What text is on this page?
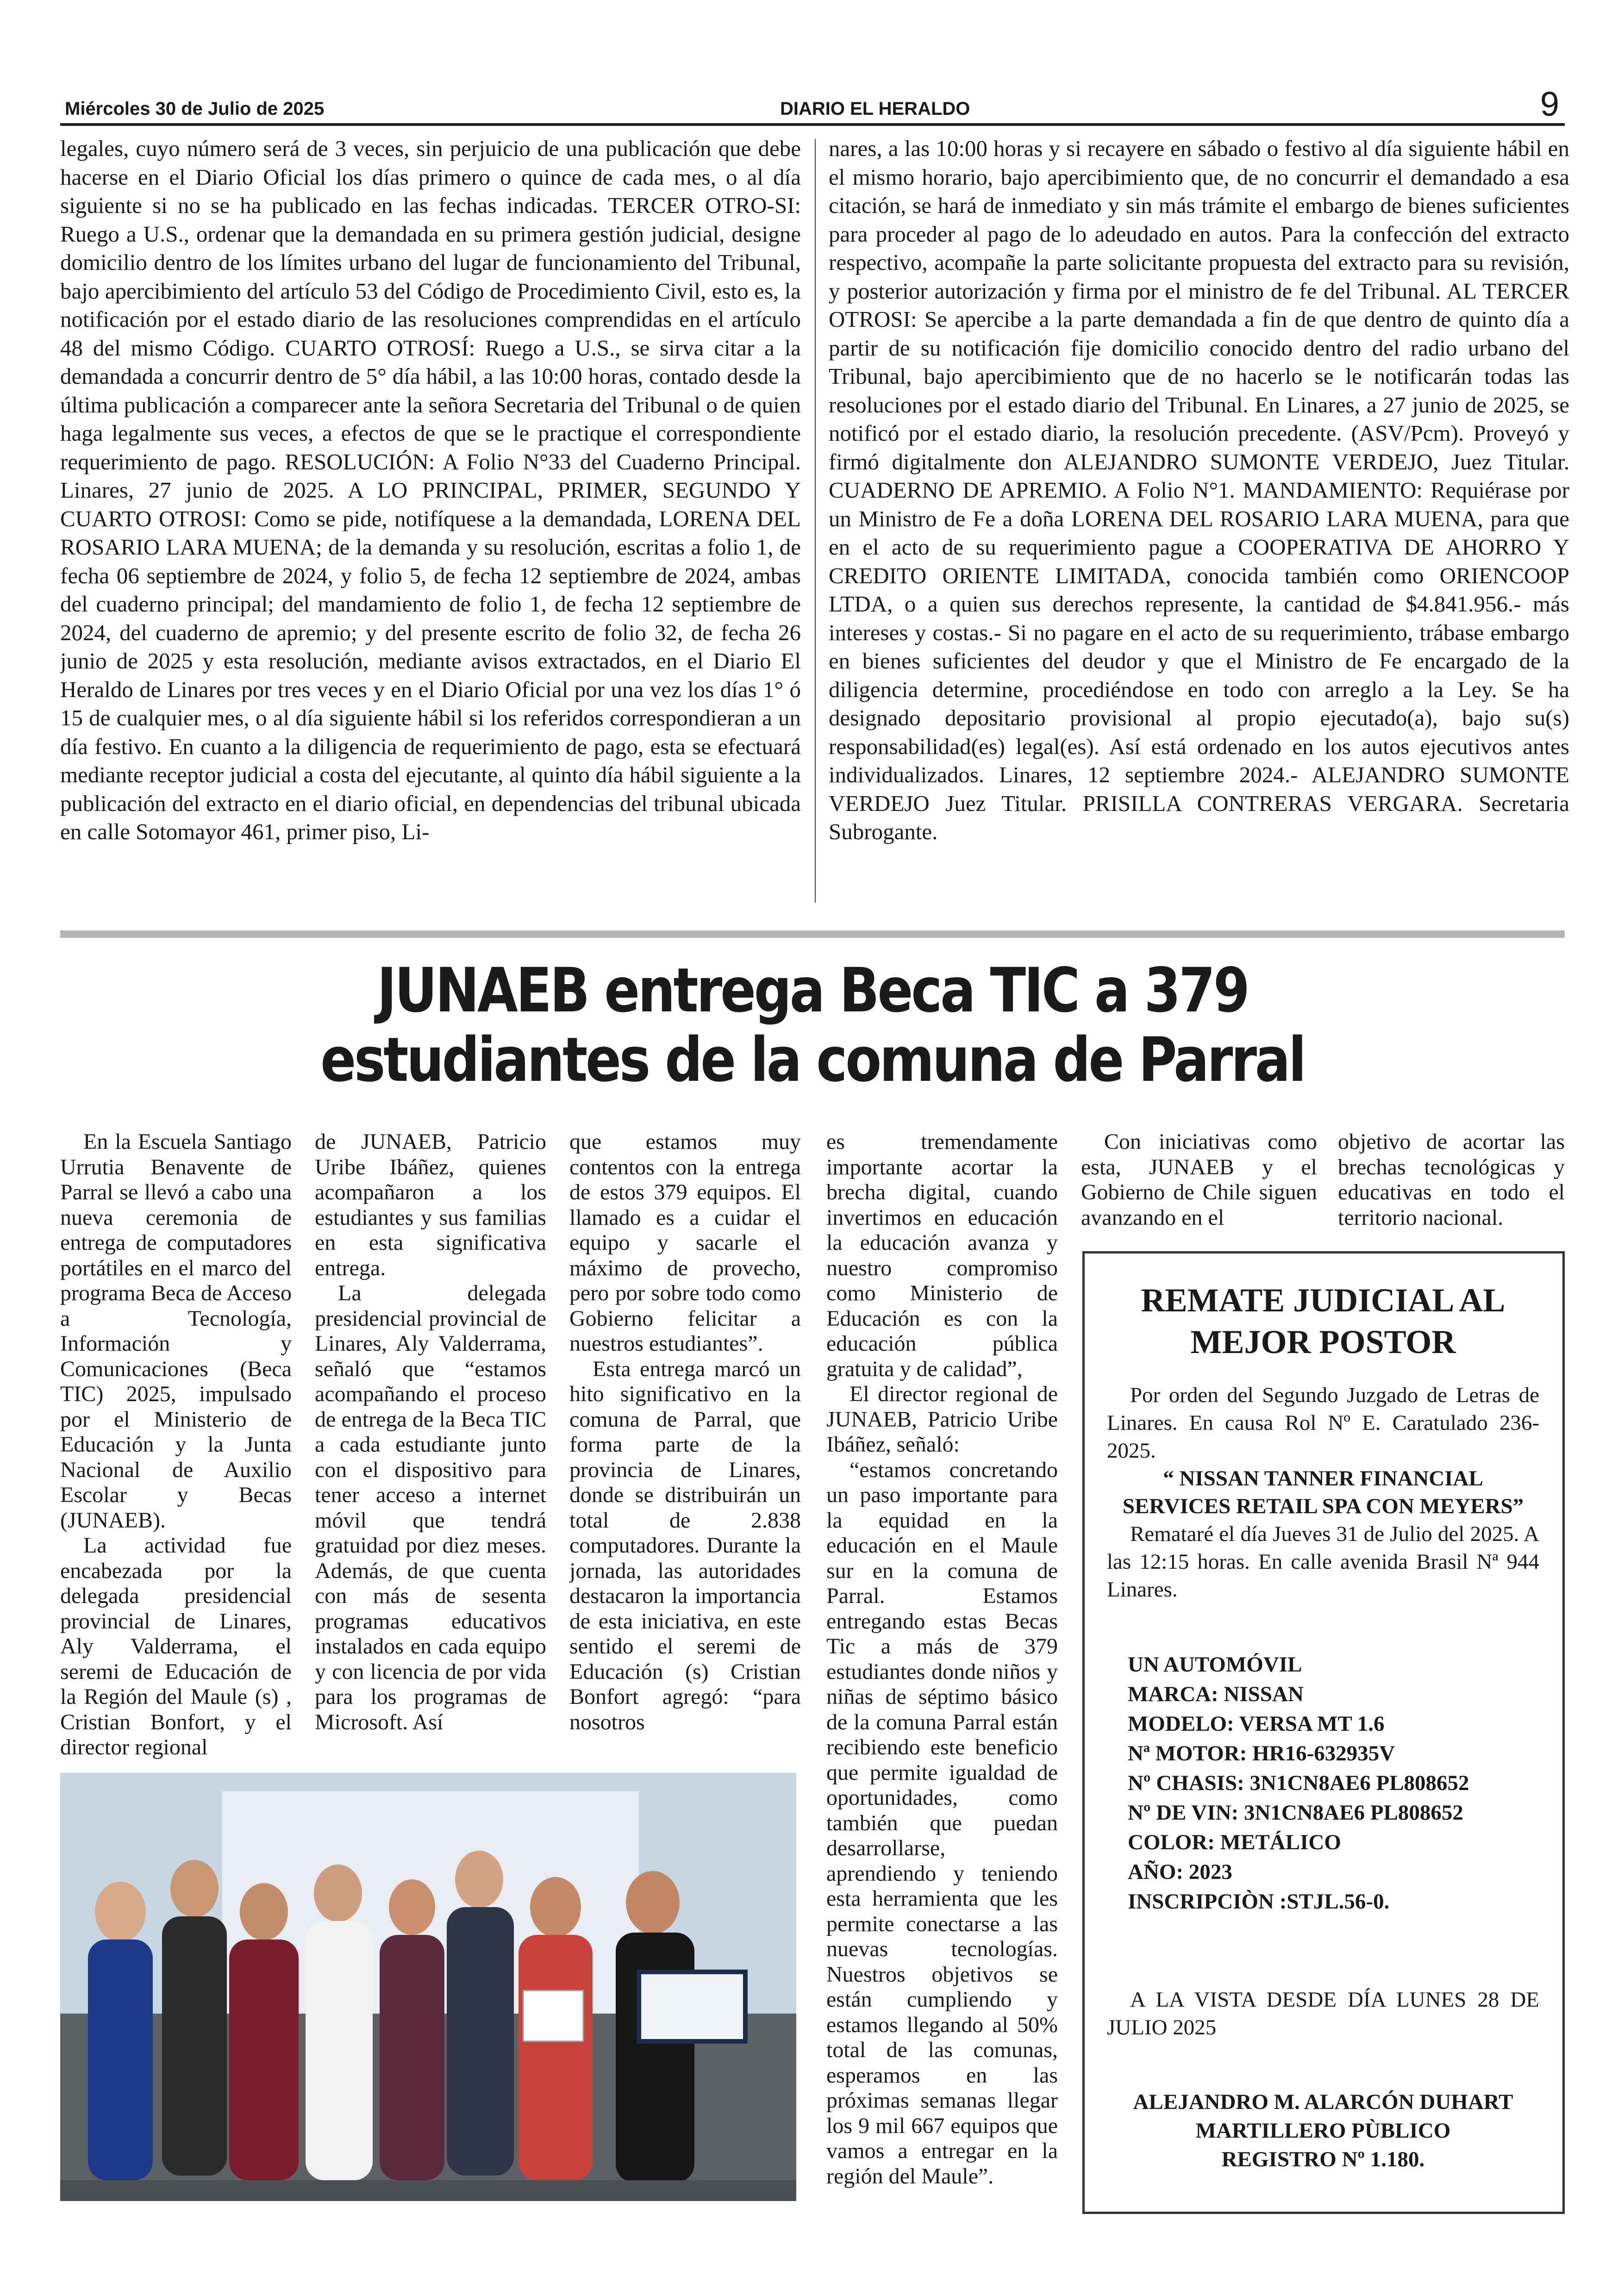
Miércoles 30 de Julio de 2025	DIARIO EL HERALDO	9

legales, cuyo número será de 3 veces, sin perjuicio de una publicación que debe hacerse en el Diario Oficial los días primero o quince de cada mes, o al día siguiente si no se ha publicado en las fechas indicadas. TERCER OTRO-SI: Ruego a U.S., ordenar que la demandada en su primera gestión judicial, designe domicilio dentro de los límites urbano del lugar de funcionamiento del Tribunal, bajo apercibimiento del artículo 53 del Código de Procedimiento Civil, esto es, la notificación por el estado diario de las resoluciones comprendidas en el artículo 48 del mismo Código. CUARTO OTROSÍ: Ruego a U.S., se sirva citar a la demandada a concurrir dentro de 5° día hábil, a las 10:00 horas, contado desde la última publicación a comparecer ante la señora Secretaria del Tribunal o de quien haga legalmente sus veces, a efectos de que se le practique el correspondiente requerimiento de pago. RESOLUCIÓN: A Folio N°33 del Cuaderno Principal. Linares, 27 junio de 2025. A LO PRINCIPAL, PRIMER, SEGUNDO Y CUARTO OTROSI: Como se pide, notifíquese a la demandada, LORENA DEL ROSARIO LARA MUENA; de la demanda y su resolución, escritas a folio 1, de fecha 06 septiembre de 2024, y folio 5, de fecha 12 septiembre de 2024, ambas del cuaderno principal; del mandamiento de folio 1, de fecha 12 septiembre de 2024, del cuaderno de apremio; y del presente escrito de folio 32, de fecha 26 junio de 2025 y esta resolución, mediante avisos extractados, en el Diario El Heraldo de Linares por tres veces y en el Diario Oficial por una vez los días 1° ó 15 de cualquier mes, o al día siguiente hábil si los referidos correspondieran a un día festivo. En cuanto a la diligencia de requerimiento de pago, esta se efectuará mediante receptor judicial a costa del ejecutante, al quinto día hábil siguiente a la publicación del extracto en el diario oficial, en dependencias del tribunal ubicada en calle Sotomayor 461, primer piso, Li-

nares, a las 10:00 horas y si recayere en sábado o festivo al día siguiente hábil en el mismo horario, bajo apercibimiento que, de no concurrir el demandado a esa citación, se hará de inmediato y sin más trámite el embargo de bienes suficientes para proceder al pago de lo adeudado en autos. Para la confección del extracto respectivo, acompañe la parte solicitante propuesta del extracto para su revisión, y posterior autorización y firma por el ministro de fe del Tribunal. AL TERCER OTROSI: Se apercibe a la parte demandada a fin de que dentro de quinto día a partir de su notificación fije domicilio conocido dentro del radio urbano del Tribunal, bajo apercibimiento que de no hacerlo se le notificarán todas las resoluciones por el estado diario del Tribunal. En Linares, a 27 junio de 2025, se notificó por el estado diario, la resolución precedente. (ASV/Pcm). Proveyó y firmó digitalmente don ALEJANDRO SUMONTE VERDEJO, Juez Titular. CUADERNO DE APREMIO. A Folio N°1. MANDAMIENTO: Requiérase por un Ministro de Fe a doña LORENA DEL ROSARIO LARA MUENA, para que en el acto de su requerimiento pague a COOPERATIVA DE AHORRO Y CREDITO ORIENTE LIMITADA, conocida también como ORIENCOOP LTDA, o a quien sus derechos represente, la cantidad de $4.841.956.- más intereses y costas.- Si no pagare en el acto de su requerimiento, trábase embargo en bienes suficientes del deudor y que el Ministro de Fe encargado de la diligencia determine, procediéndose en todo con arreglo a la Ley. Se ha designado depositario provisional al propio ejecutado(a), bajo su(s) responsabilidad(es) legal(es). Así está ordenado en los autos ejecutivos antes individualizados. Linares, 12 septiembre 2024.- ALEJANDRO SUMONTE VERDEJO Juez Titular. PRISILLA CONTRERAS VERGARA. Secretaria Subrogante.

JUNAEB entrega Beca TIC a 379
estudiantes de la comuna de Parral

En la Escuela Santiago Urrutia Benavente de Parral se llevó a cabo una nueva ceremonia de entrega de computadores portátiles en el marco del programa Beca de Acceso a Tecnología, Información y Comunicaciones (Beca TIC) 2025, impulsado por el Ministerio de Educación y la Junta Nacional de Auxilio Escolar y Becas (JUNAEB).

La actividad fue encabezada por la delegada presidencial provincial de Linares, Aly Valderrama, el seremi de Educación de la Región del Maule (s) , Cristian Bonfort, y el director regional

de JUNAEB, Patricio Uribe Ibáñez, quienes acompañaron a los estudiantes y sus familias en esta significativa entrega.

La delegada presidencial provincial de Linares, Aly Valderrama, señaló que “estamos acompañando el proceso de entrega de la Beca TIC a cada estudiante junto con el dispositivo para tener acceso a internet móvil que tendrá gratuidad por diez meses. Además, de que cuenta con más de sesenta programas educativos instalados en cada equipo y con licencia de por vida para los programas de Microsoft. Así

que estamos muy contentos con la entrega de estos 379 equipos. El llamado es a cuidar el equipo y sacarle el máximo de provecho, pero por sobre todo como Gobierno felicitar a nuestros estudiantes”.

Esta entrega marcó un hito significativo en la comuna de Parral, que forma parte de la provincia de Linares, donde se distribuirán un total de 2.838 computadores. Durante la jornada, las autoridades destacaron la importancia de esta iniciativa, en este sentido el seremi de Educación (s) Cristian Bonfort agregó: “para nosotros

es tremendamente importante acortar la brecha digital, cuando invertimos en educación la educación avanza y nuestro compromiso como Ministerio de Educación es con la educación pública gratuita y de calidad”,

El director regional de JUNAEB, Patricio Uribe Ibáñez, señaló:

“estamos concretando un paso importante para la equidad en la educación en el Maule sur en la comuna de Parral. Estamos entregando estas Becas Tic a más de 379 estudiantes donde niños y niñas de séptimo básico de la comuna Parral están recibiendo este beneficio que permite igualdad de oportunidades, como también que puedan desarrollarse, aprendiendo y teniendo esta herramienta que les permite conectarse a las nuevas tecnologías. Nuestros objetivos se están cumpliendo y estamos llegando al 50% total de las comunas, esperamos en las próximas semanas llegar los 9 mil 667 equipos que vamos a entregar en la región del Maule”.

Con iniciativas como esta, JUNAEB y el Gobierno de Chile siguen avanzando en el

objetivo de acortar las brechas tecnológicas y educativas en todo el territorio nacional.

REMATE JUDICIAL AL
MEJOR POSTOR

Por orden del Segundo Juzgado de Letras de Linares. En causa Rol Nº E. Caratulado 236-2025.

“ NISSAN TANNER FINANCIAL SERVICES RETAIL SPA CON MEYERS”

Remataré el día Jueves 31 de Julio del 2025. A las 12:15 horas. En calle avenida Brasil Nª 944 Linares.

UN AUTOMÓVIL
MARCA: NISSAN
MODELO: VERSA MT 1.6
Nª MOTOR: HR16-632935V
Nº CHASIS: 3N1CN8AE6 PL808652
Nº DE VIN: 3N1CN8AE6 PL808652
COLOR: METÁLICO
AÑO: 2023
INSCRIPCIÒN :STJL.56-0.

A LA VISTA DESDE DÍA LUNES 28 DE JULIO 2025

ALEJANDRO M. ALARCÓN DUHART
MARTILLERO PÙBLICO
REGISTRO Nº 1.180.
